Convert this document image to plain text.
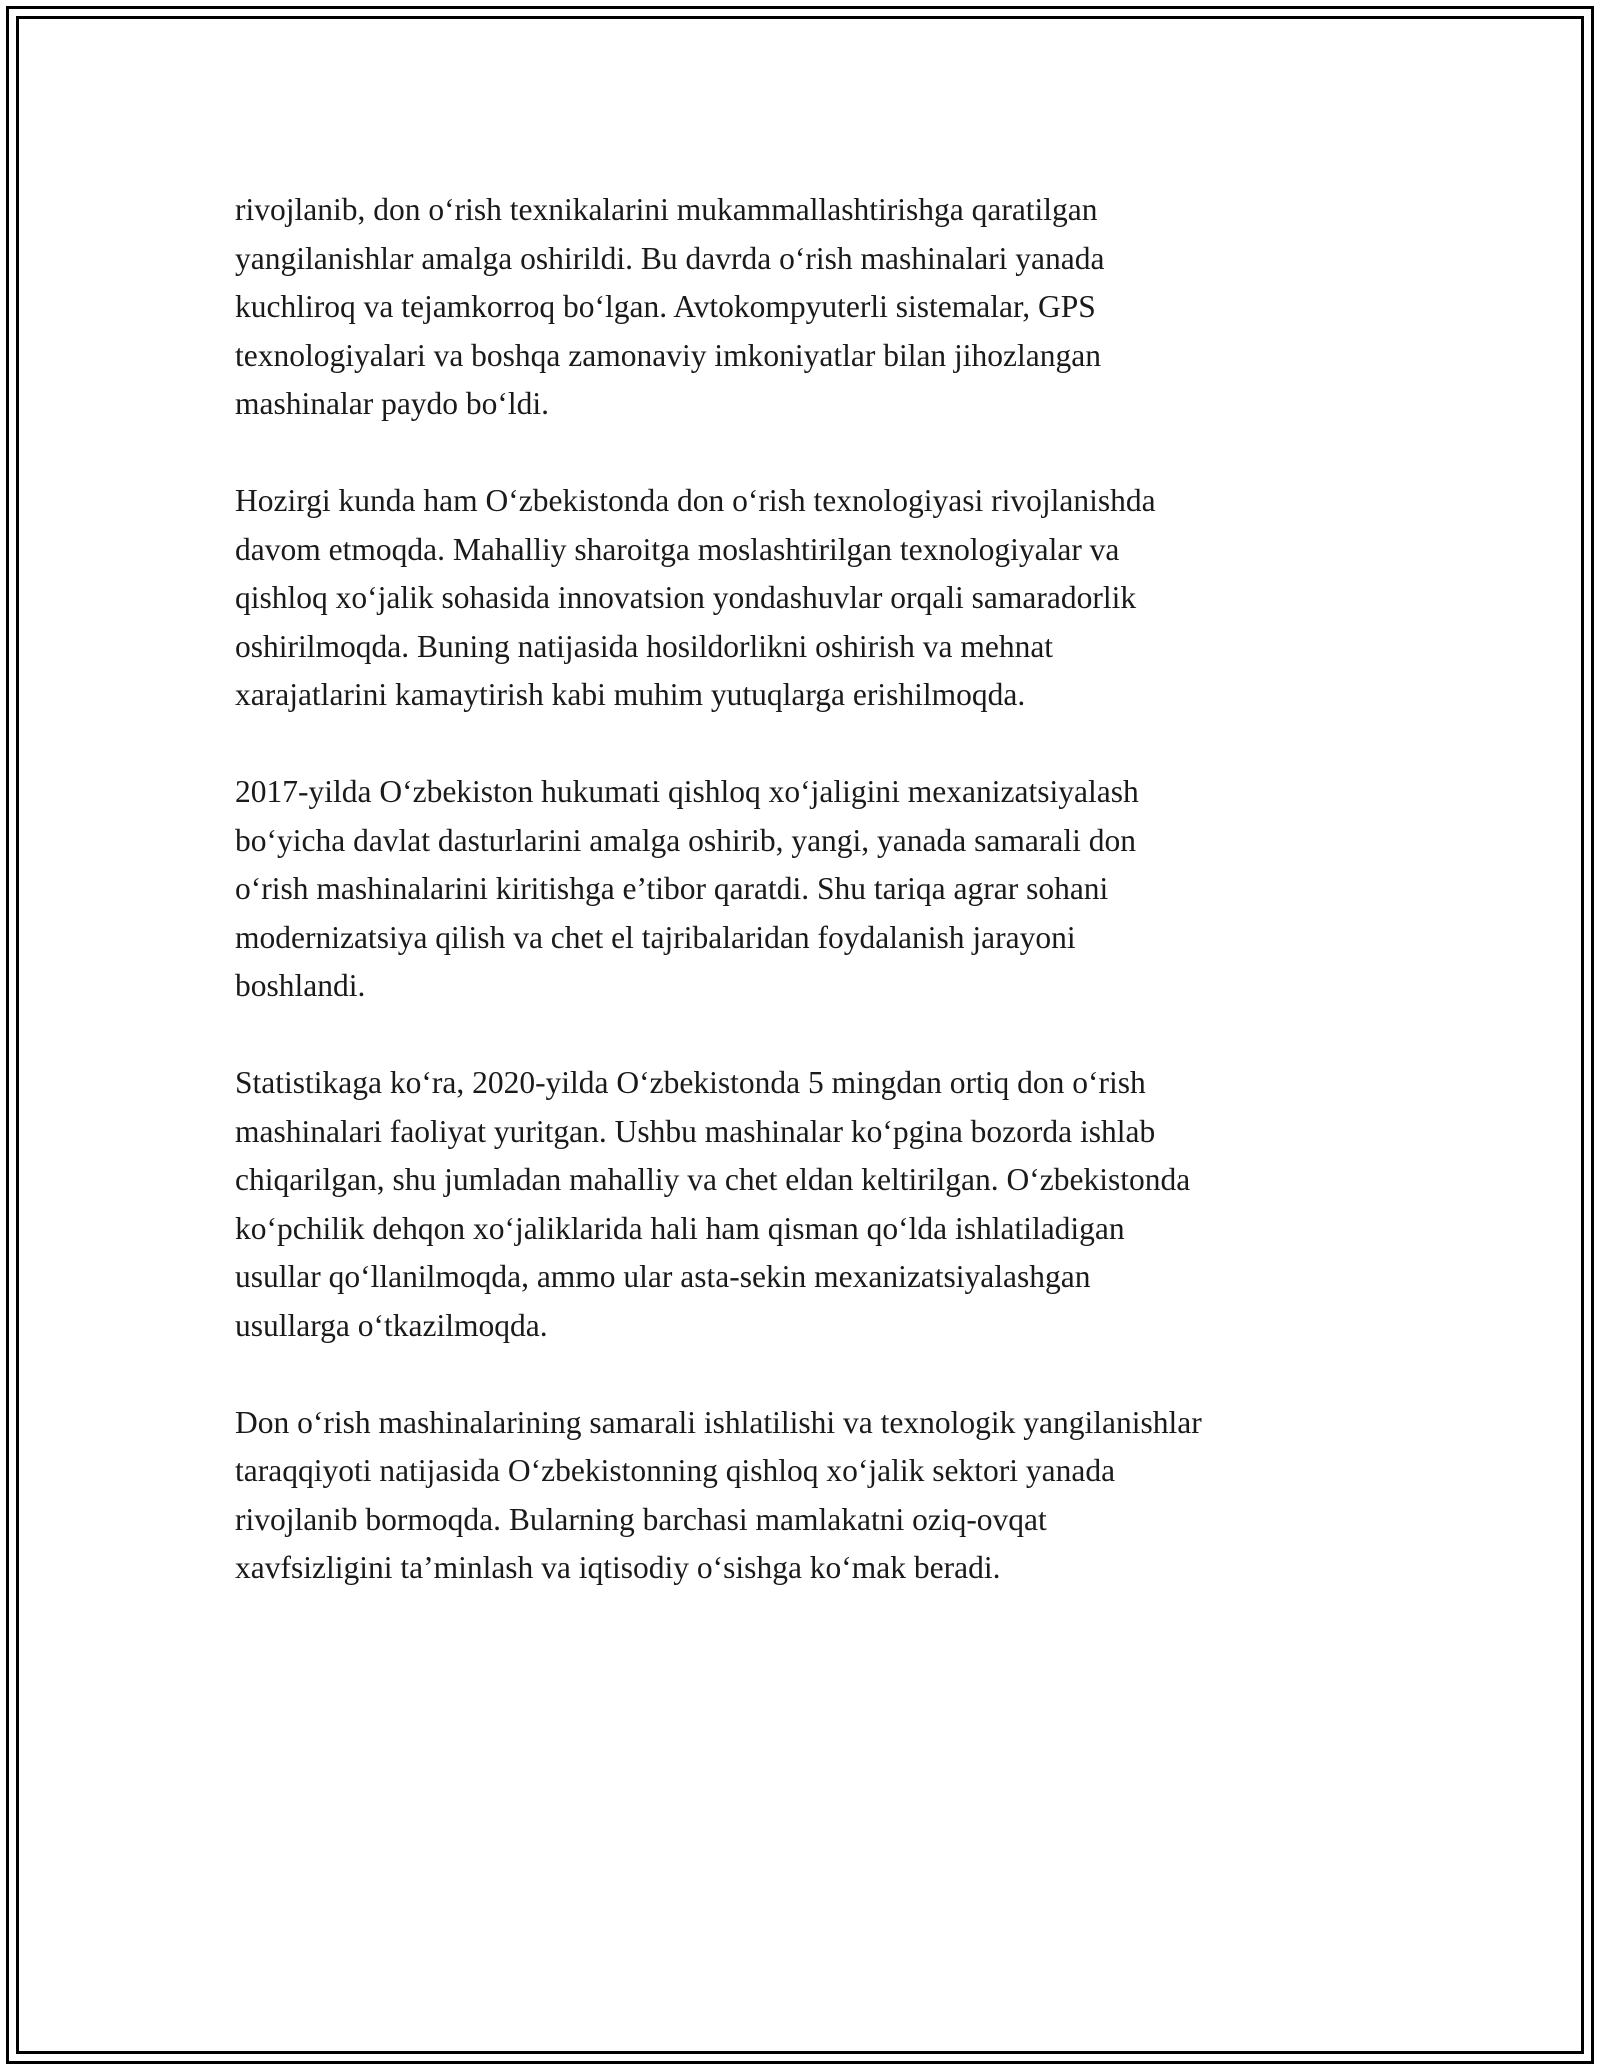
rivojlanib, don o‘rish texnikalarini mukammallashtirishga qaratilgan
yangilanishlar amalga oshirildi. Bu davrda o‘rish mashinalari yanada
kuchliroq va tejamkorroq bo‘lgan. Avtokompyuterli sistemalar, GPS
texnologiyalari va boshqa zamonaviy imkoniyatlar bilan jihozlangan
mashinalar paydo bo‘ldi.

Hozirgi kunda ham O‘zbekistonda don o‘rish texnologiyasi rivojlanishda
davom etmoqda. Mahalliy sharoitga moslashtirilgan texnologiyalar va
qishloq xo‘jalik sohasida innovatsion yondashuvlar orqali samaradorlik
oshirilmoqda. Buning natijasida hosildorlikni oshirish va mehnat
xarajatlarini kamaytirish kabi muhim yutuqlarga erishilmoqda.

2017-yilda O‘zbekiston hukumati qishloq xo‘jaligini mexanizatsiyalash
bo‘yicha davlat dasturlarini amalga oshirib, yangi, yanada samarali don
o‘rish mashinalarini kiritishga e’tibor qaratdi. Shu tariqa agrar sohani
modernizatsiya qilish va chet el tajribalaridan foydalanish jarayoni
boshlandi.

Statistikaga ko‘ra, 2020-yilda O‘zbekistonda 5 mingdan ortiq don o‘rish
mashinalari faoliyat yuritgan. Ushbu mashinalar ko‘pgina bozorda ishlab
chiqarilgan, shu jumladan mahalliy va chet eldan keltirilgan. O‘zbekistonda
ko‘pchilik dehqon xo‘jaliklarida hali ham qisman qo‘lda ishlatiladigan
usullar qo‘llanilmoqda, ammo ular asta-sekin mexanizatsiyalashgan
usullarga o‘tkazilmoqda.

Don o‘rish mashinalarining samarali ishlatilishi va texnologik yangilanishlar
taraqqiyoti natijasida O‘zbekistonning qishloq xo‘jalik sektori yanada
rivojlanib bormoqda. Bularning barchasi mamlakatni oziq-ovqat
xavfsizligini ta’minlash va iqtisodiy o‘sishga ko‘mak beradi.
